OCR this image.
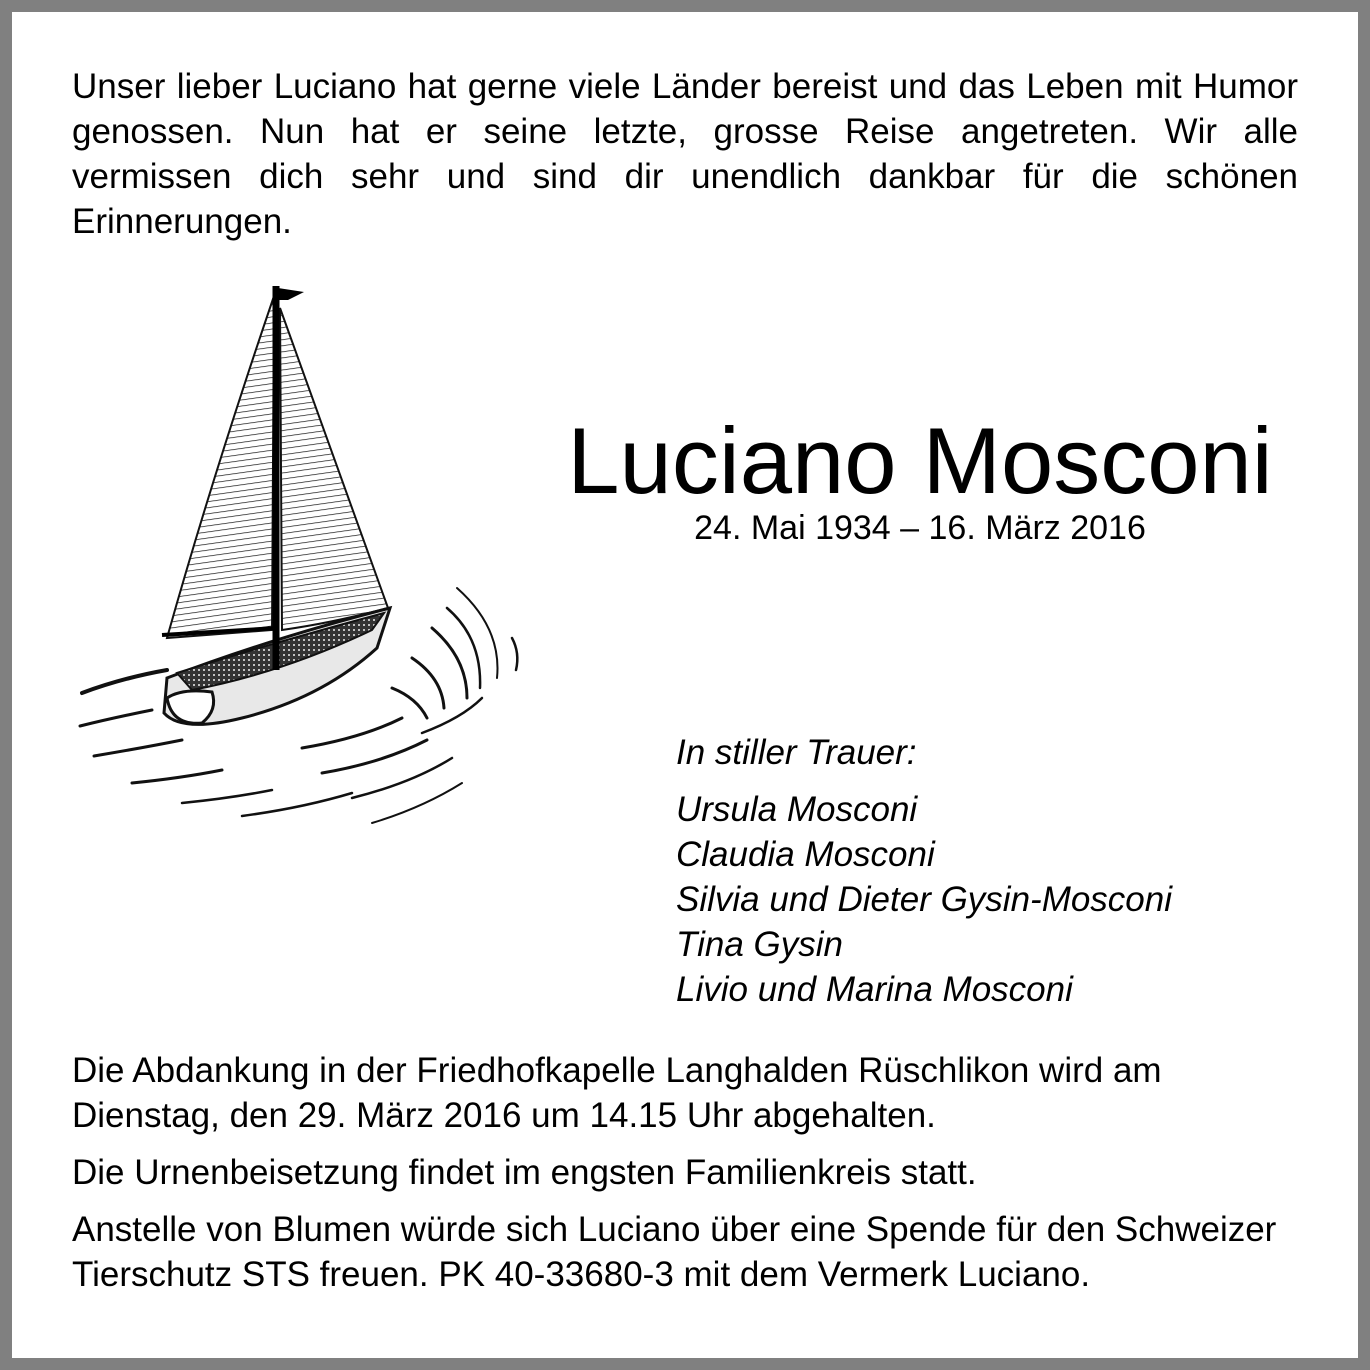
Unser lieber Luciano hat gerne viele Länder bereist und das Leben mit Humor genossen. Nun hat er seine letzte, grosse Reise angetreten. Wir alle vermissen dich sehr und sind dir unendlich dankbar für die schönen Erinnerungen.

Luciano Mosconi

24. Mai 1934 – 16. März 2016

In stiller Trauer:

Ursula Mosconi
Claudia Mosconi
Silvia und Dieter Gysin-Mosconi
Tina Gysin
Livio und Marina Mosconi

Die Abdankung in der Friedhofkapelle Langhalden Rüschlikon wird am Dienstag, den 29. März 2016 um 14.15 Uhr abgehalten.

Die Urnenbeisetzung findet im engsten Familienkreis statt.

Anstelle von Blumen würde sich Luciano über eine Spende für den Schweizer Tierschutz STS freuen. PK 40-33680-3 mit dem Vermerk Luciano.
